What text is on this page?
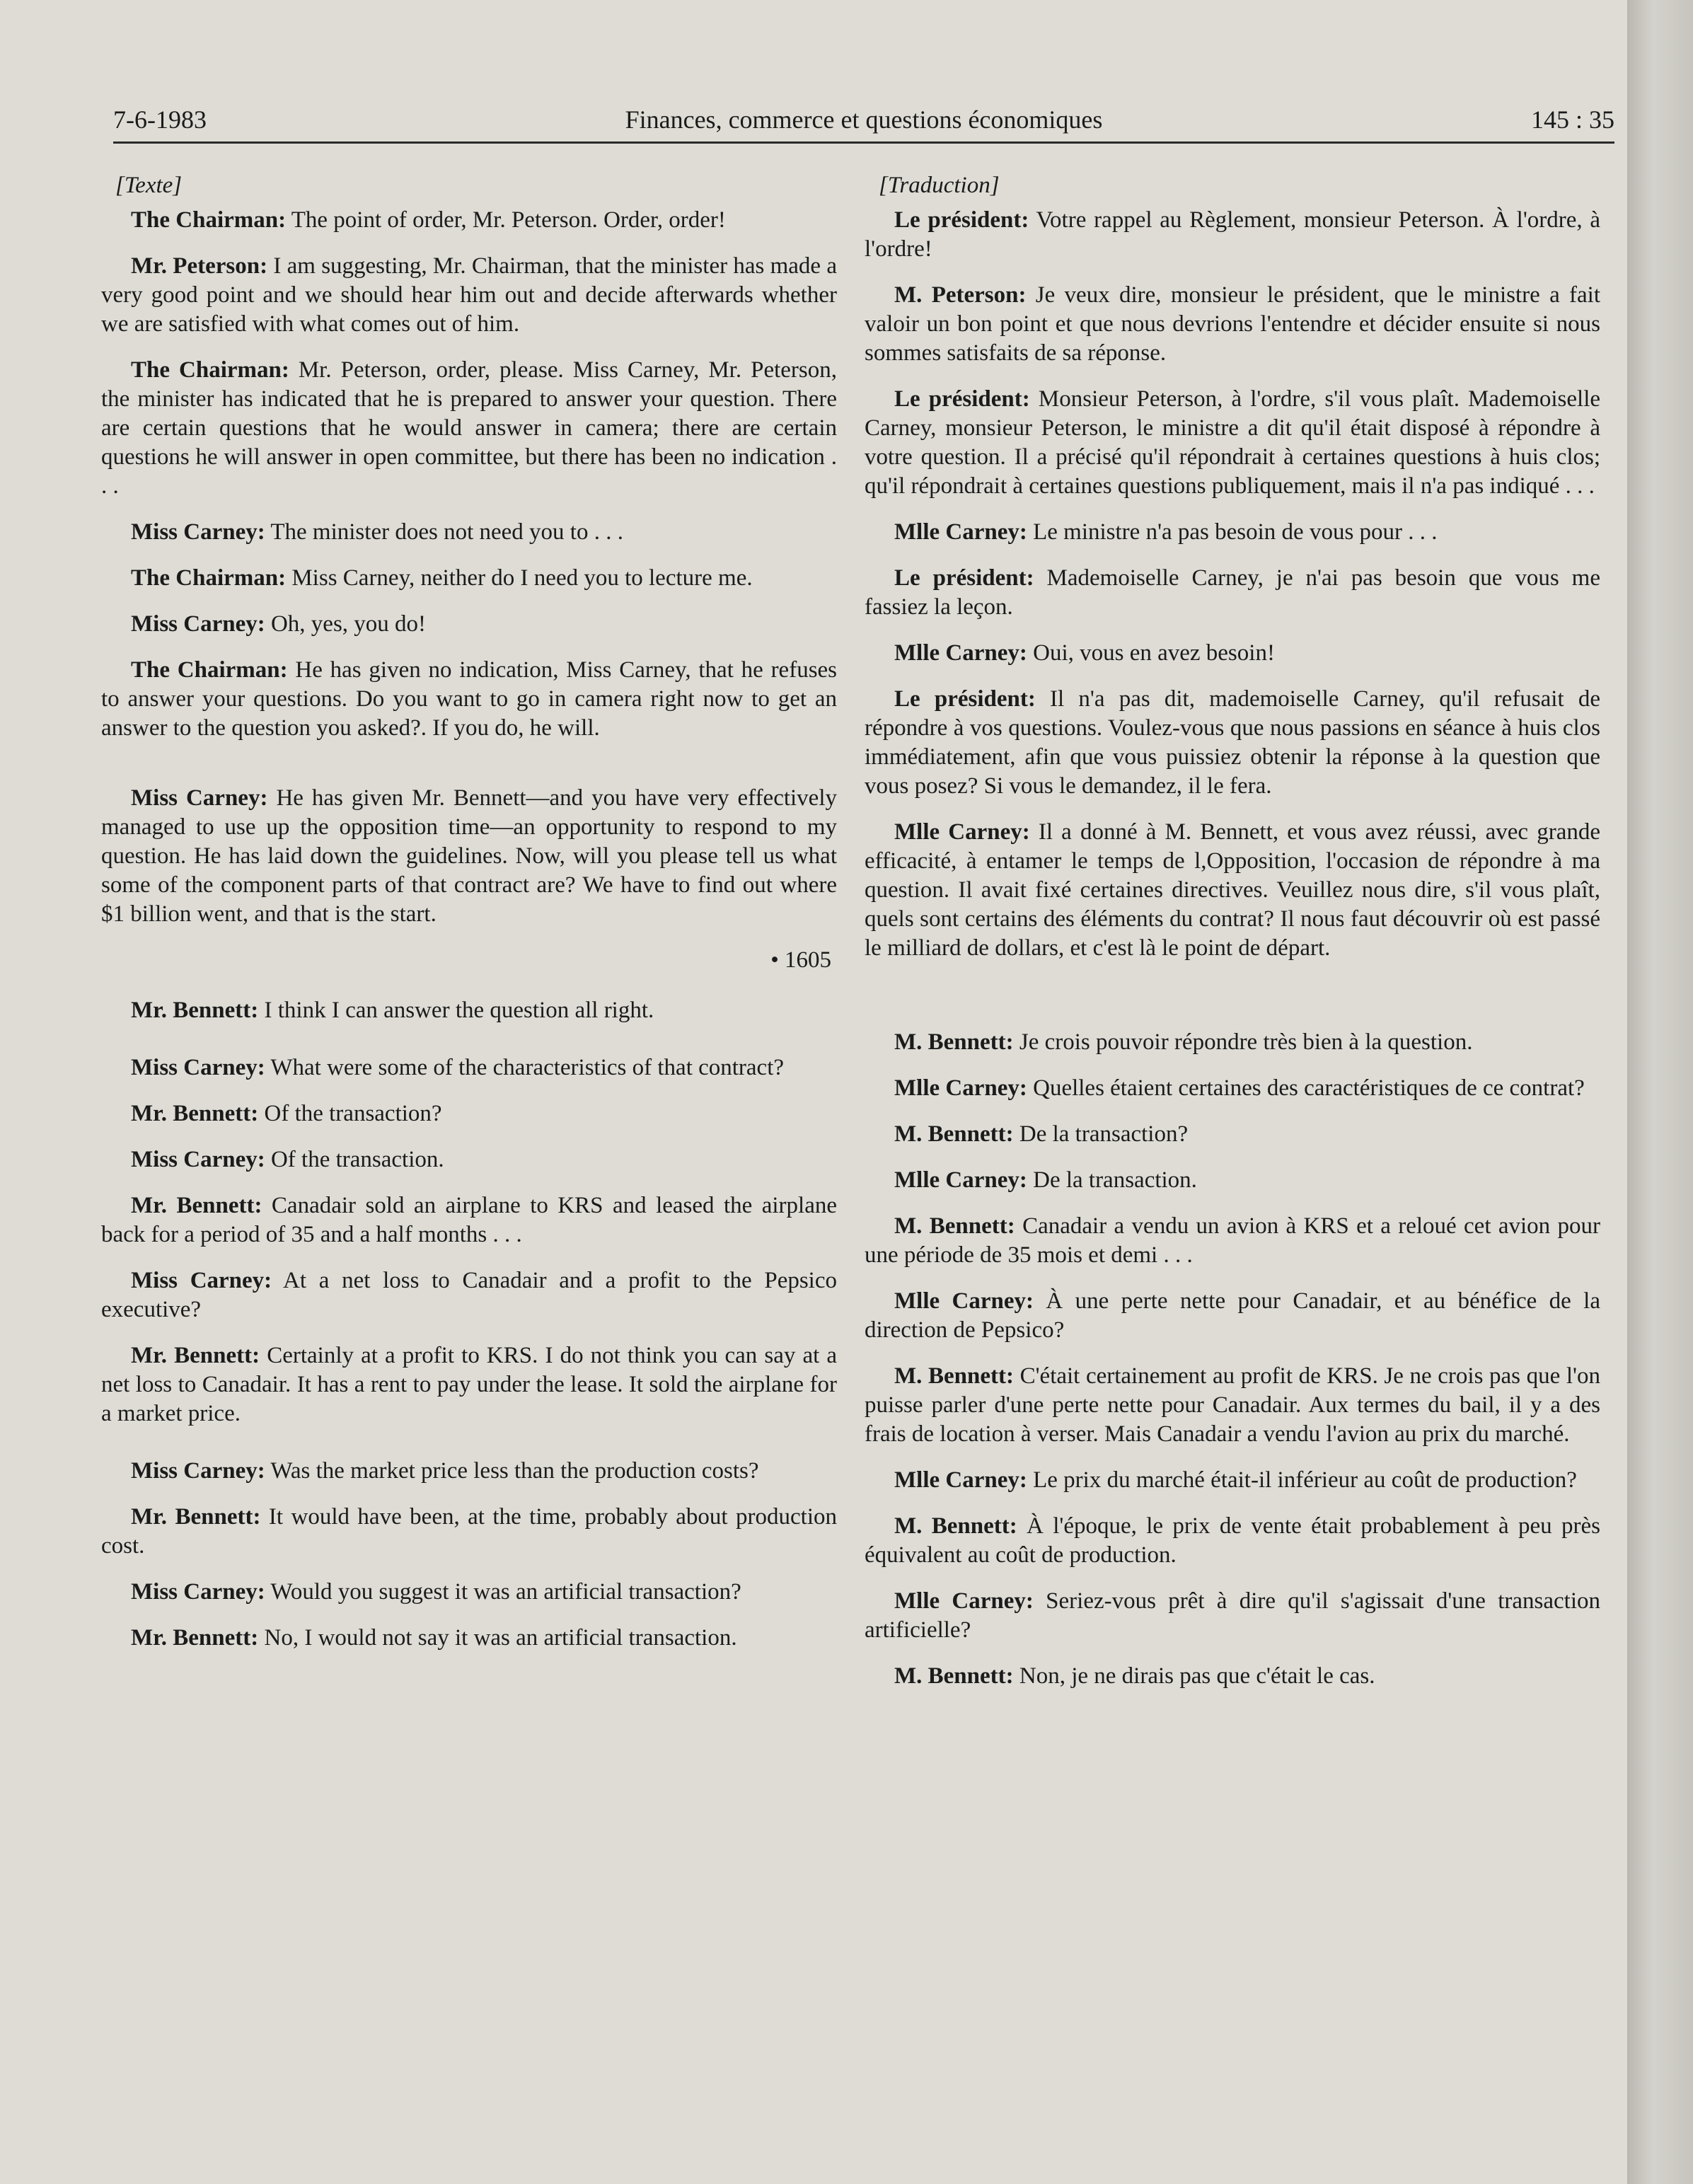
7-6-1983	Finances, commerce et questions économiques	145 : 35
[Texte]

The Chairman: The point of order, Mr. Peterson. Order, order!

Mr. Peterson: I am suggesting, Mr. Chairman, that the minister has made a very good point and we should hear him out and decide afterwards whether we are satisfied with what comes out of him.

The Chairman: Mr. Peterson, order, please. Miss Carney, Mr. Peterson, the minister has indicated that he is prepared to answer your question. There are certain questions that he would answer in camera; there are certain questions he will answer in open committee, but there has been no indication . . .

Miss Carney: The minister does not need you to . . .

The Chairman: Miss Carney, neither do I need you to lecture me.

Miss Carney: Oh, yes, you do!

The Chairman: He has given no indication, Miss Carney, that he refuses to answer your questions. Do you want to go in camera right now to get an answer to the question you asked?. If you do, he will.

Miss Carney: He has given Mr. Bennett—and you have very effectively managed to use up the opposition time—an opportunity to respond to my question. He has laid down the guidelines. Now, will you please tell us what some of the component parts of that contract are? We have to find out where $1 billion went, and that is the start.

• 1605

Mr. Bennett: I think I can answer the question all right.

Miss Carney: What were some of the characteristics of that contract?

Mr. Bennett: Of the transaction?

Miss Carney: Of the transaction.

Mr. Bennett: Canadair sold an airplane to KRS and leased the airplane back for a period of 35 and a half months . . .

Miss Carney: At a net loss to Canadair and a profit to the Pepsico executive?

Mr. Bennett: Certainly at a profit to KRS. I do not think you can say at a net loss to Canadair. It has a rent to pay under the lease. It sold the airplane for a market price.

Miss Carney: Was the market price less than the production costs?

Mr. Bennett: It would have been, at the time, probably about production cost.

Miss Carney: Would you suggest it was an artificial transaction?

Mr. Bennett: No, I would not say it was an artificial transaction.

[Traduction]

Le président: Votre rappel au Règlement, monsieur Peterson. À l'ordre, à l'ordre!

M. Peterson: Je veux dire, monsieur le président, que le ministre a fait valoir un bon point et que nous devrions l'entendre et décider ensuite si nous sommes satisfaits de sa réponse.

Le président: Monsieur Peterson, à l'ordre, s'il vous plaît. Mademoiselle Carney, monsieur Peterson, le ministre a dit qu'il était disposé à répondre à votre question. Il a précisé qu'il répondrait à certaines questions à huis clos; qu'il répondrait à certaines questions publiquement, mais il n'a pas indiqué . . .

Mlle Carney: Le ministre n'a pas besoin de vous pour . . .

Le président: Mademoiselle Carney, je n'ai pas besoin que vous me fassiez la leçon.

Mlle Carney: Oui, vous en avez besoin!

Le président: Il n'a pas dit, mademoiselle Carney, qu'il refusait de répondre à vos questions. Voulez-vous que nous passions en séance à huis clos immédiatement, afin que vous puissiez obtenir la réponse à la question que vous posez? Si vous le demandez, il le fera.

Mlle Carney: Il a donné à M. Bennett, et vous avez réussi, avec grande efficacité, à entamer le temps de l,Opposition, l'occasion de répondre à ma question. Il avait fixé certaines directives. Veuillez nous dire, s'il vous plaît, quels sont certains des éléments du contrat? Il nous faut découvrir où est passé le milliard de dollars, et c'est là le point de départ.

M. Bennett: Je crois pouvoir répondre très bien à la question.

Mlle Carney: Quelles étaient certaines des caractéristiques de ce contrat?

M. Bennett: De la transaction?

Mlle Carney: De la transaction.

M. Bennett: Canadair a vendu un avion à KRS et a reloué cet avion pour une période de 35 mois et demi . . .

Mlle Carney: À une perte nette pour Canadair, et au bénéfice de la direction de Pepsico?

M. Bennett: C'était certainement au profit de KRS. Je ne crois pas que l'on puisse parler d'une perte nette pour Canadair. Aux termes du bail, il y a des frais de location à verser. Mais Canadair a vendu l'avion au prix du marché.

Mlle Carney: Le prix du marché était-il inférieur au coût de production?

M. Bennett: À l'époque, le prix de vente était probablement à peu près équivalent au coût de production.

Mlle Carney: Seriez-vous prêt à dire qu'il s'agissait d'une transaction artificielle?

M. Bennett: Non, je ne dirais pas que c'était le cas.
